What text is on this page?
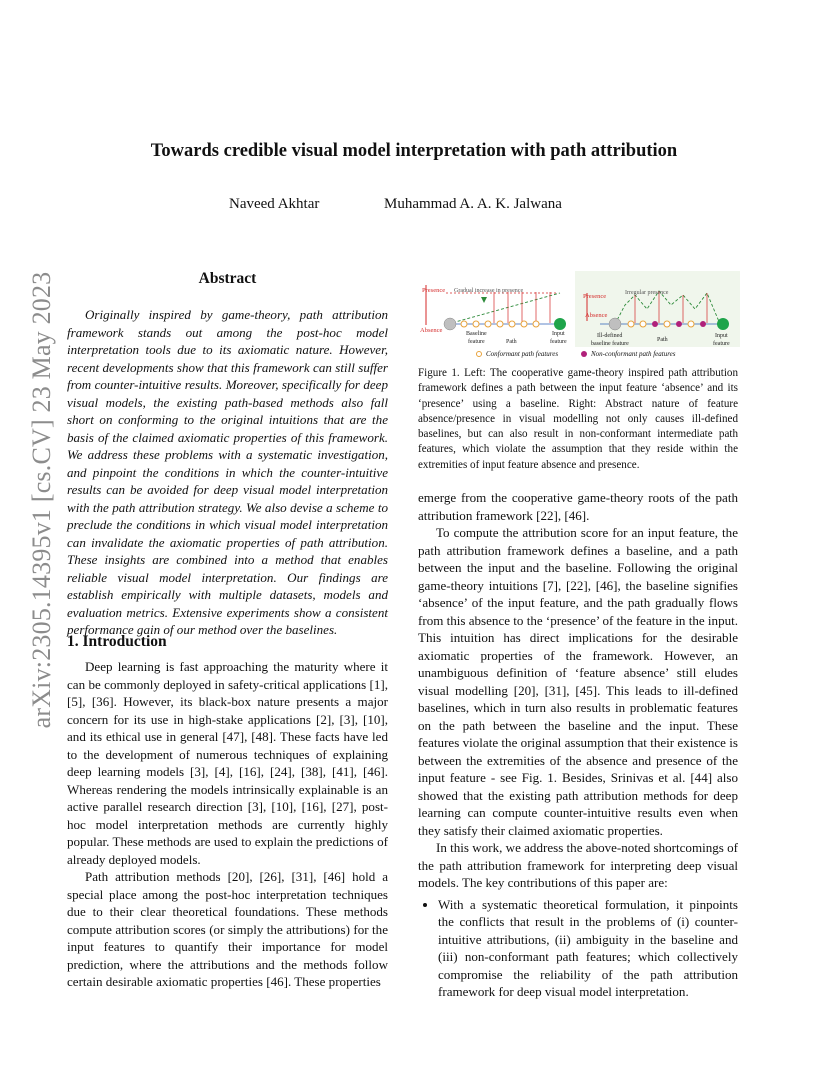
arXiv:2305.14395v1 [cs.CV] 23 May 2023
Towards credible visual model interpretation with path attribution
Naveed Akhtar	Muhammad A. A. K. Jalwana
Abstract

Originally inspired by game-theory, path attribution framework stands out among the post-hoc model interpretation tools due to its axiomatic nature. However, recent developments show that this framework can still suffer from counter-intuitive results. Moreover, specifically for deep visual models, the existing path-based methods also fall short on conforming to the original intuitions that are the basis of the claimed axiomatic properties of this framework. We address these problems with a systematic investigation, and pinpoint the conditions in which the counter-intuitive results can be avoided for deep visual model interpretation with the path attribution strategy. We also devise a scheme to preclude the conditions in which visual model interpretation can invalidate the axiomatic properties of path attribution. These insights are combined into a method that enables reliable visual model interpretation. Our findings are establish empirically with multiple datasets, models and evaluation metrics. Extensive experiments show a consistent performance gain of our method over the baselines.

1. Introduction

Deep learning is fast approaching the maturity where it can be commonly deployed in safety-critical applications [1], [5], [36]. However, its black-box nature presents a major concern for its use in high-stake applications [2], [3], [10], and its ethical use in general [47], [48]. These facts have led to the development of numerous techniques of explaining deep learning models [3], [4], [16], [24], [38], [41], [46]. Whereas rendering the models intrinsically explainable is an active parallel research direction [3], [10], [16], [27], post-hoc model interpretation methods are currently highly popular. These methods are used to explain the predictions of already deployed models.

Path attribution methods [20], [26], [31], [46] hold a special place among the post-hoc interpretation techniques due to their clear theoretical foundations. These methods compute attribution scores (or simply the attributions) for the input features to quantify their importance for model prediction, where the attributions and the methods follow certain desirable axiomatic properties [46]. These properties

Presence Gradual increase in presence
Absence	Baseline
feature	Path
Input
feature
Presence	Irregular presence
Absence
Ill-defined
baseline feature
Path
Input
feature
Conformant path features	Non-conformant path features
Figure 1. Left: The cooperative game-theory inspired path attribution framework defines a path between the input feature ‘absence’ and its ‘presence’ using a baseline. Right: Abstract nature of feature absence/presence in visual modelling not only causes ill-defined baselines, but can also result in non-conformant intermediate path features, which violate the assumption that they reside within the extremities of input feature absence and presence.

emerge from the cooperative game-theory roots of the path attribution framework [22], [46].

To compute the attribution score for an input feature, the path attribution framework defines a baseline, and a path between the input and the baseline. Following the original game-theory intuitions [7], [22], [46], the baseline signifies ‘absence’ of the input feature, and the path gradually flows from this absence to the ‘presence’ of the feature in the input. This intuition has direct implications for the desirable axiomatic properties of the framework. However, an unambiguous definition of ‘feature absence’ still eludes visual modelling [20], [31], [45]. This leads to ill-defined baselines, which in turn also results in problematic features on the path between the baseline and the input. These features violate the original assumption that their existence is between the extremities of the absence and presence of the input feature - see Fig. 1. Besides, Srinivas et al. [44] also showed that the existing path attribution methods for deep learning can compute counter-intuitive results even when they satisfy their claimed axiomatic properties.

In this work, we address the above-noted shortcomings of the path attribution framework for interpreting deep visual models. The key contributions of this paper are:

• With a systematic theoretical formulation, it pinpoints the conflicts that result in the problems of (i) counter-intuitive attributions, (ii) ambiguity in the baseline and (iii) non-conformant path features; which collectively compromise the reliability of the path attribution framework for deep visual model interpretation.
